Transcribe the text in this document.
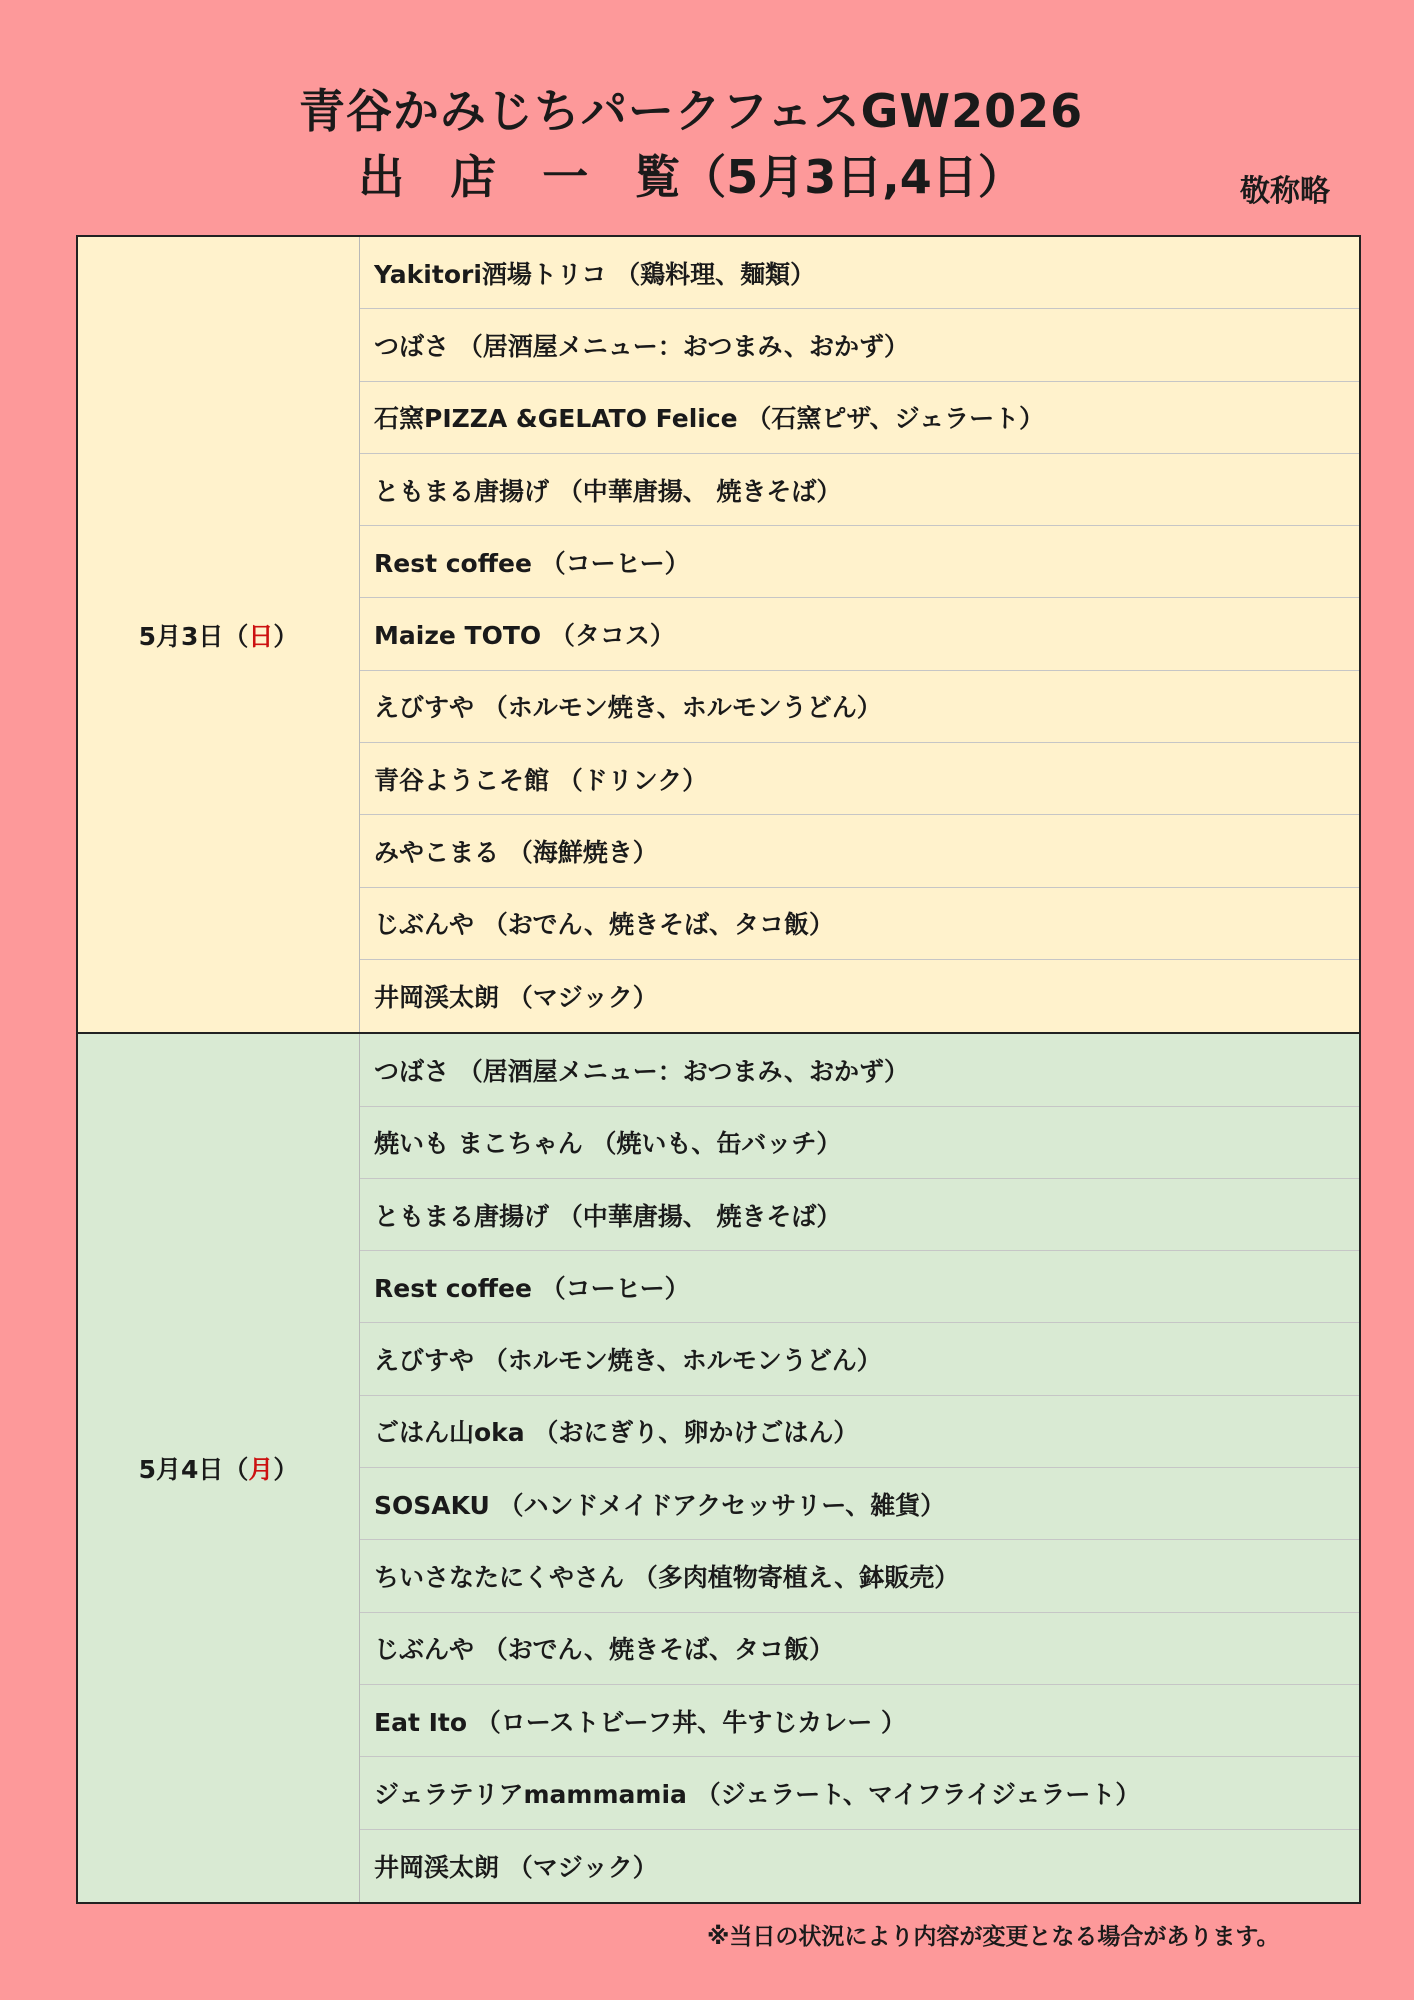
青谷かみじちパークフェスGW2026
出　店　一　覧（5月3日,4日）	敬称略
5月3日（ 日 ）
Yakitori酒場トリコ （鶏料理、麺類）
つばさ （居酒屋メニュー：おつまみ、おかず）
石窯PIZZA &GELATO Felice （石窯ピザ、ジェラート）
ともまる唐揚げ （中華唐揚、 焼きそば）
Rest coffee （コーヒー）
Maize TOTO （タコス）
えびすや （ホルモン焼き、ホルモンうどん）
青谷ようこそ館 （ドリンク）
みやこまる （海鮮焼き）
じぶんや （おでん、焼きそば、タコ飯）
井岡渓太朗 （マジック）
5月4日（ 月 ）
つばさ （居酒屋メニュー：おつまみ、おかず）
焼いも まこちゃん （焼いも、缶バッチ）
ともまる唐揚げ （中華唐揚、 焼きそば）
Rest coffee （コーヒー）
えびすや （ホルモン焼き、ホルモンうどん）
ごはん山oka （おにぎり、卵かけごはん）
SOSAKU （ハンドメイドアクセッサリー、雑貨）
ちいさなたにくやさん （多肉植物寄植え、鉢販売）
じぶんや （おでん、焼きそば、タコ飯）
Eat Ito （ローストビーフ丼、牛すじカレー ）
ジェラテリアmammamia （ジェラート、マイフライジェラート）
井岡渓太朗 （マジック）
※当日の状況により内容が変更となる場合があります。
